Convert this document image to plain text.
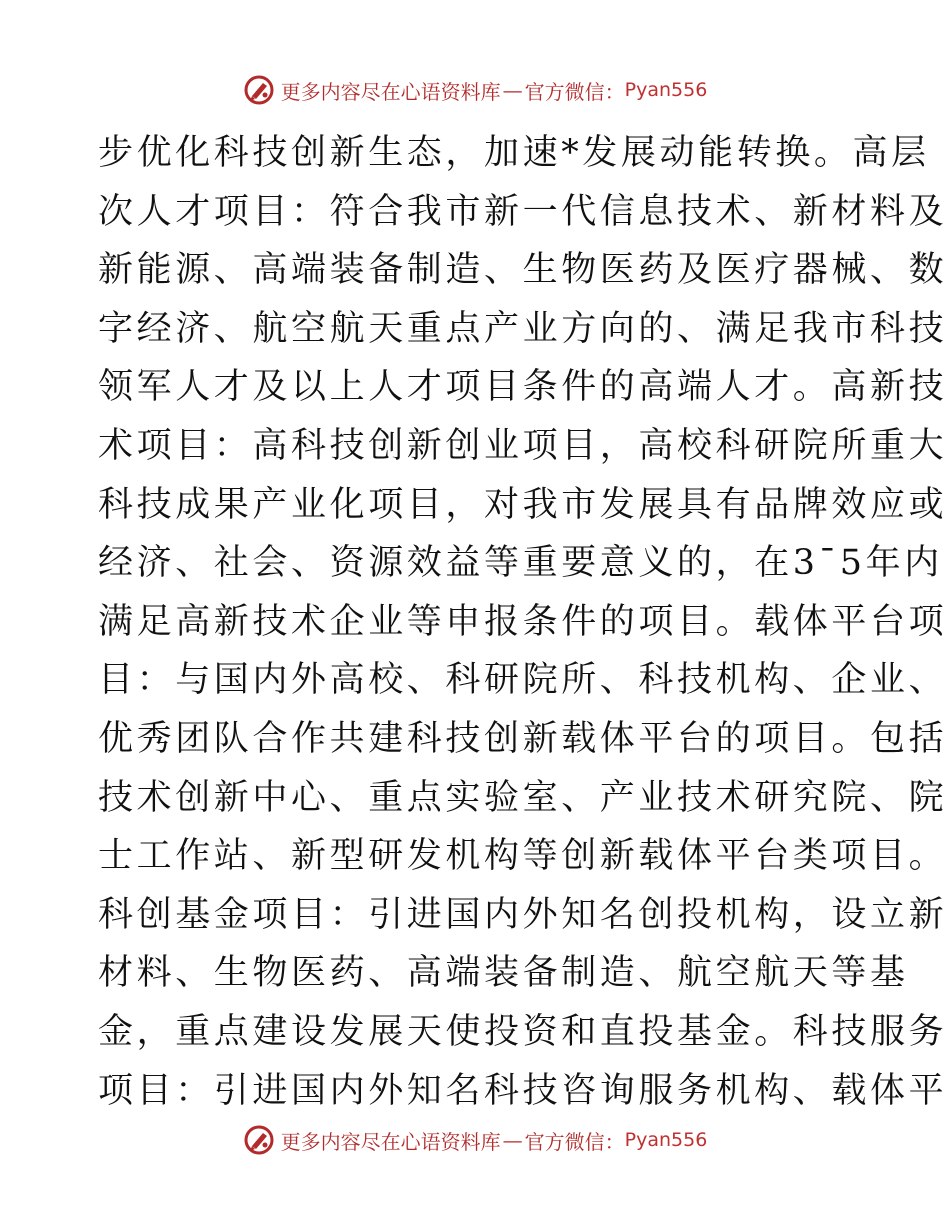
更多内容尽在心语资料库 — 官方微信： Pyan556
步优化科技创新生态，加速*发展动能转换。高层
次人才项目：符合我市新一代信息技术、新材料及
新能源、高端装备制造、生物医药及医疗器械、数
字经济、航空航天重点产业方向的、满足我市科技
领军人才及以上人才项目条件的高端人才。高新技
术项目：高科技创新创业项目，高校科研院所重大
科技成果产业化项目，对我市发展具有品牌效应或
经济、社会、资源效益等重要意义的，在3¯5年内
满足高新技术企业等申报条件的项目。载体平台项
目：与国内外高校、科研院所、科技机构、企业、
优秀团队合作共建科技创新载体平台的项目。包括
技术创新中心、重点实验室、产业技术研究院、院
士工作站、新型研发机构等创新载体平台类项目。
科创基金项目：引进国内外知名创投机构，设立新
材料、生物医药、高端装备制造、航空航天等基
金，重点建设发展天使投资和直投基金。科技服务
项目：引进国内外知名科技咨询服务机构、载体平
更多内容尽在心语资料库 — 官方微信： Pyan556
